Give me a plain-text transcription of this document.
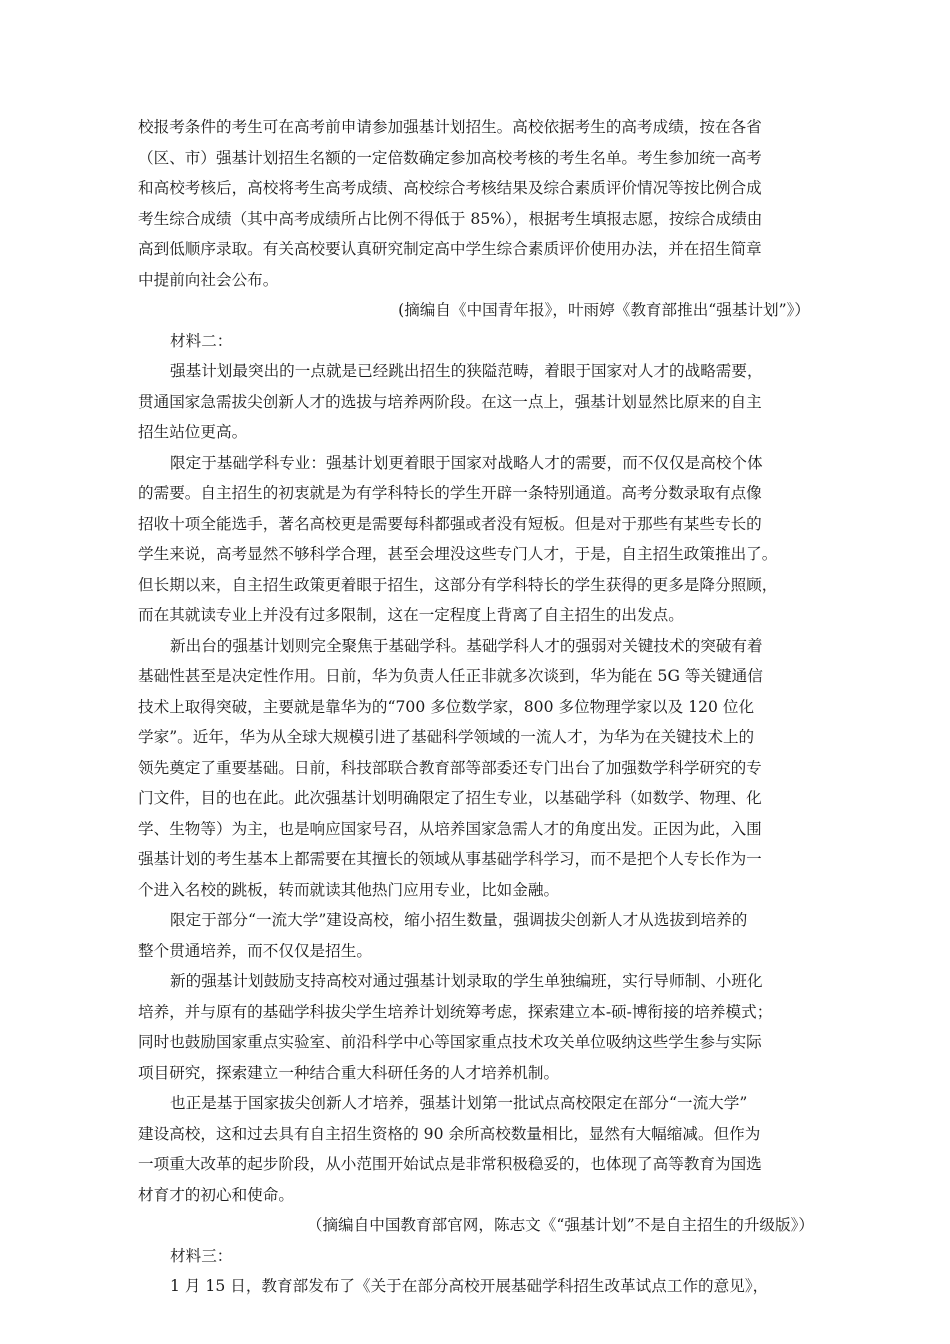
校报考条件的考生可在高考前申请参加强基计划招生。高校依据考生的高考成绩，按在各省

（区、市）强基计划招生名额的一定倍数确定参加高校考核的考生名单。考生参加统一高考

和高校考核后，高校将考生高考成绩、高校综合考核结果及综合素质评价情况等按比例合成

考生综合成绩（其中高考成绩所占比例不得低于 85%），根据考生填报志愿，按综合成绩由

高到低顺序录取。有关高校要认真研究制定高中学生综合素质评价使用办法，并在招生简章

中提前向社会公布。

(摘编自《中国青年报》，叶雨婷《教育部推出“强基计划”》）

材料二：

强基计划最突出的一点就是已经跳出招生的狭隘范畴，着眼于国家对人才的战略需要，

贯通国家急需拔尖创新人才的选拔与培养两阶段。在这一点上，强基计划显然比原来的自主

招生站位更高。

限定于基础学科专业：强基计划更着眼于国家对战略人才的需要，而不仅仅是高校个体

的需要。自主招生的初衷就是为有学科特长的学生开辟一条特别通道。高考分数录取有点像

招收十项全能选手，著名高校更是需要每科都强或者没有短板。但是对于那些有某些专长的

学生来说，高考显然不够科学合理，甚至会埋没这些专门人才，于是，自主招生政策推出了。

但长期以来，自主招生政策更着眼于招生，这部分有学科特长的学生获得的更多是降分照顾，

而在其就读专业上并没有过多限制，这在一定程度上背离了自主招生的出发点。

新出台的强基计划则完全聚焦于基础学科。基础学科人才的强弱对关键技术的突破有着

基础性甚至是决定性作用。日前，华为负责人任正非就多次谈到，华为能在 5G 等关键通信

技术上取得突破，主要就是靠华为的“700 多位数学家，800 多位物理学家以及 120 位化

学家”。近年，华为从全球大规模引进了基础科学领域的一流人才，为华为在关键技术上的

领先奠定了重要基础。日前，科技部联合教育部等部委还专门出台了加强数学科学研究的专

门文件，目的也在此。此次强基计划明确限定了招生专业，以基础学科（如数学、物理、化

学、生物等）为主，也是响应国家号召，从培养国家急需人才的角度出发。正因为此，入围

强基计划的考生基本上都需要在其擅长的领域从事基础学科学习，而不是把个人专长作为一

个进入名校的跳板，转而就读其他热门应用专业，比如金融。

限定于部分“一流大学”建设高校，缩小招生数量，强调拔尖创新人才从选拔到培养的

整个贯通培养，而不仅仅是招生。

新的强基计划鼓励支持高校对通过强基计划录取的学生单独编班，实行导师制、小班化

培养，并与原有的基础学科拔尖学生培养计划统筹考虑，探索建立本-硕-博衔接的培养模式；

同时也鼓励国家重点实验室、前沿科学中心等国家重点技术攻关单位吸纳这些学生参与实际

项目研究，探索建立一种结合重大科研任务的人才培养机制。

也正是基于国家拔尖创新人才培养，强基计划第一批试点高校限定在部分“一流大学”

建设高校，这和过去具有自主招生资格的 90 余所高校数量相比，显然有大幅缩减。但作为

一项重大改革的起步阶段，从小范围开始试点是非常积极稳妥的，也体现了高等教育为国选

材育才的初心和使命。

（摘编自中国教育部官网，陈志文《“强基计划”不是自主招生的升级版》）

材料三：

1 月 15 日，教育部发布了《关于在部分高校开展基础学科招生改革试点工作的意见》，
